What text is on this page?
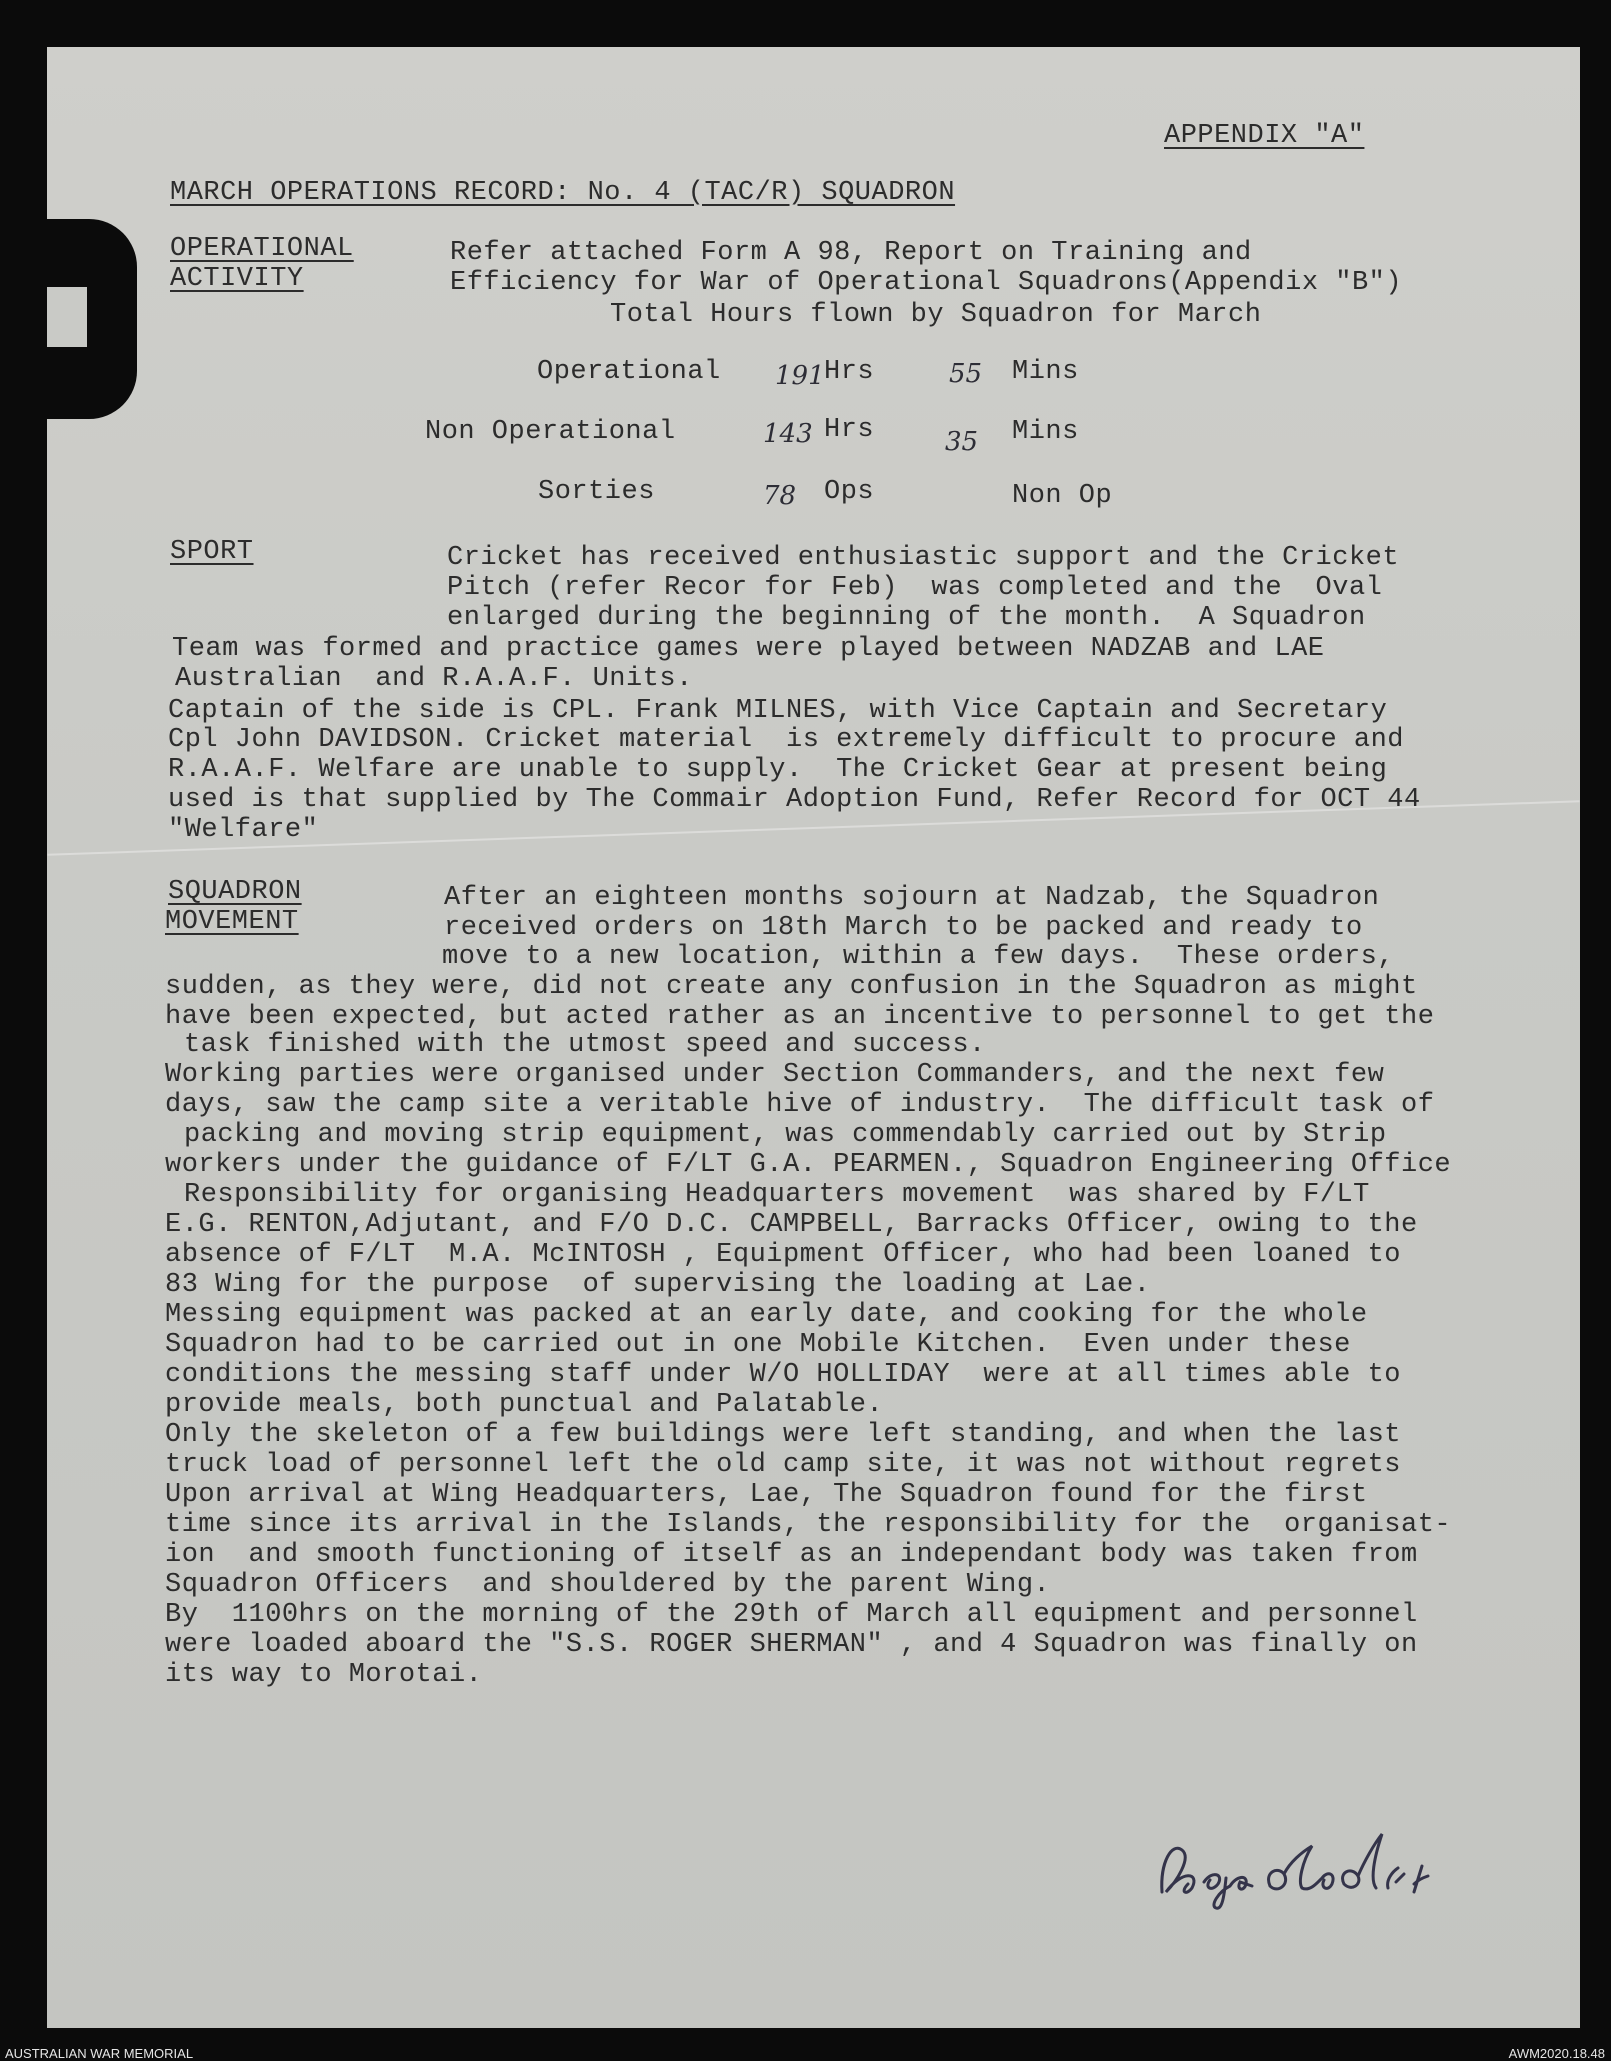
APPENDIX "A"
MARCH OPERATIONS RECORD: No. 4 (TAC/R) SQUADRON
OPERATIONAL
ACTIVITY
Refer attached Form A 98, Report on Training and
Efficiency for War of Operational Squadrons(Appendix "B")
Total Hours flown by Squadron for March
Operational 191 Hrs	55 Mins
Non Operational	143 Hrs	35 Mins
Sorties	78 Ops	Non Op
SPORT	Cricket has received enthusiastic support and the Cricket
Pitch (refer Recor for Feb)  was completed and the  Oval
enlarged during the beginning of the month.  A Squadron
Team was formed and practice games were played between NADZAB and LAE
Australian  and R.A.A.F. Units.
Captain of the side is CPL. Frank MILNES, with Vice Captain and Secretary
Cpl John DAVIDSON. Cricket material  is extremely difficult to procure and
R.A.A.F. Welfare are unable to supply.  The Cricket Gear at present being
used is that supplied by The Commair Adoption Fund, Refer Record for OCT 44
"Welfare"
SQUADRON
MOVEMENT
After an eighteen months sojourn at Nadzab, the Squadron
received orders on 18th March to be packed and ready to
move to a new location, within a few days.  These orders,
sudden, as they were, did not create any confusion in the Squadron as might
have been expected, but acted rather as an incentive to personnel to get the
task finished with the utmost speed and success.
Working parties were organised under Section Commanders, and the next few
days, saw the camp site a veritable hive of industry.  The difficult task of
packing and moving strip equipment, was commendably carried out by Strip
workers under the guidance of F/LT G.A. PEARMEN., Squadron Engineering Office
Responsibility for organising Headquarters movement  was shared by F/LT
E.G. RENTON,Adjutant, and F/O D.C. CAMPBELL, Barracks Officer, owing to the
absence of F/LT  M.A. McINTOSH , Equipment Officer, who had been loaned to
83 Wing for the purpose  of supervising the loading at Lae.
Messing equipment was packed at an early date, and cooking for the whole
Squadron had to be carried out in one Mobile Kitchen.  Even under these
conditions the messing staff under W/O HOLLIDAY  were at all times able to
provide meals, both punctual and Palatable.
Only the skeleton of a few buildings were left standing, and when the last
truck load of personnel left the old camp site, it was not without regrets
Upon arrival at Wing Headquarters, Lae, The Squadron found for the first
time since its arrival in the Islands, the responsibility for the  organisat-
ion  and smooth functioning of itself as an independant body was taken from
Squadron Officers  and shouldered by the parent Wing.
By  1100hrs on the morning of the 29th of March all equipment and personnel
were loaded aboard the "S.S. ROGER SHERMAN" , and 4 Squadron was finally on
its way to Morotai.
AUSTRALIAN WAR MEMORIAL	AWM2020.18.48
